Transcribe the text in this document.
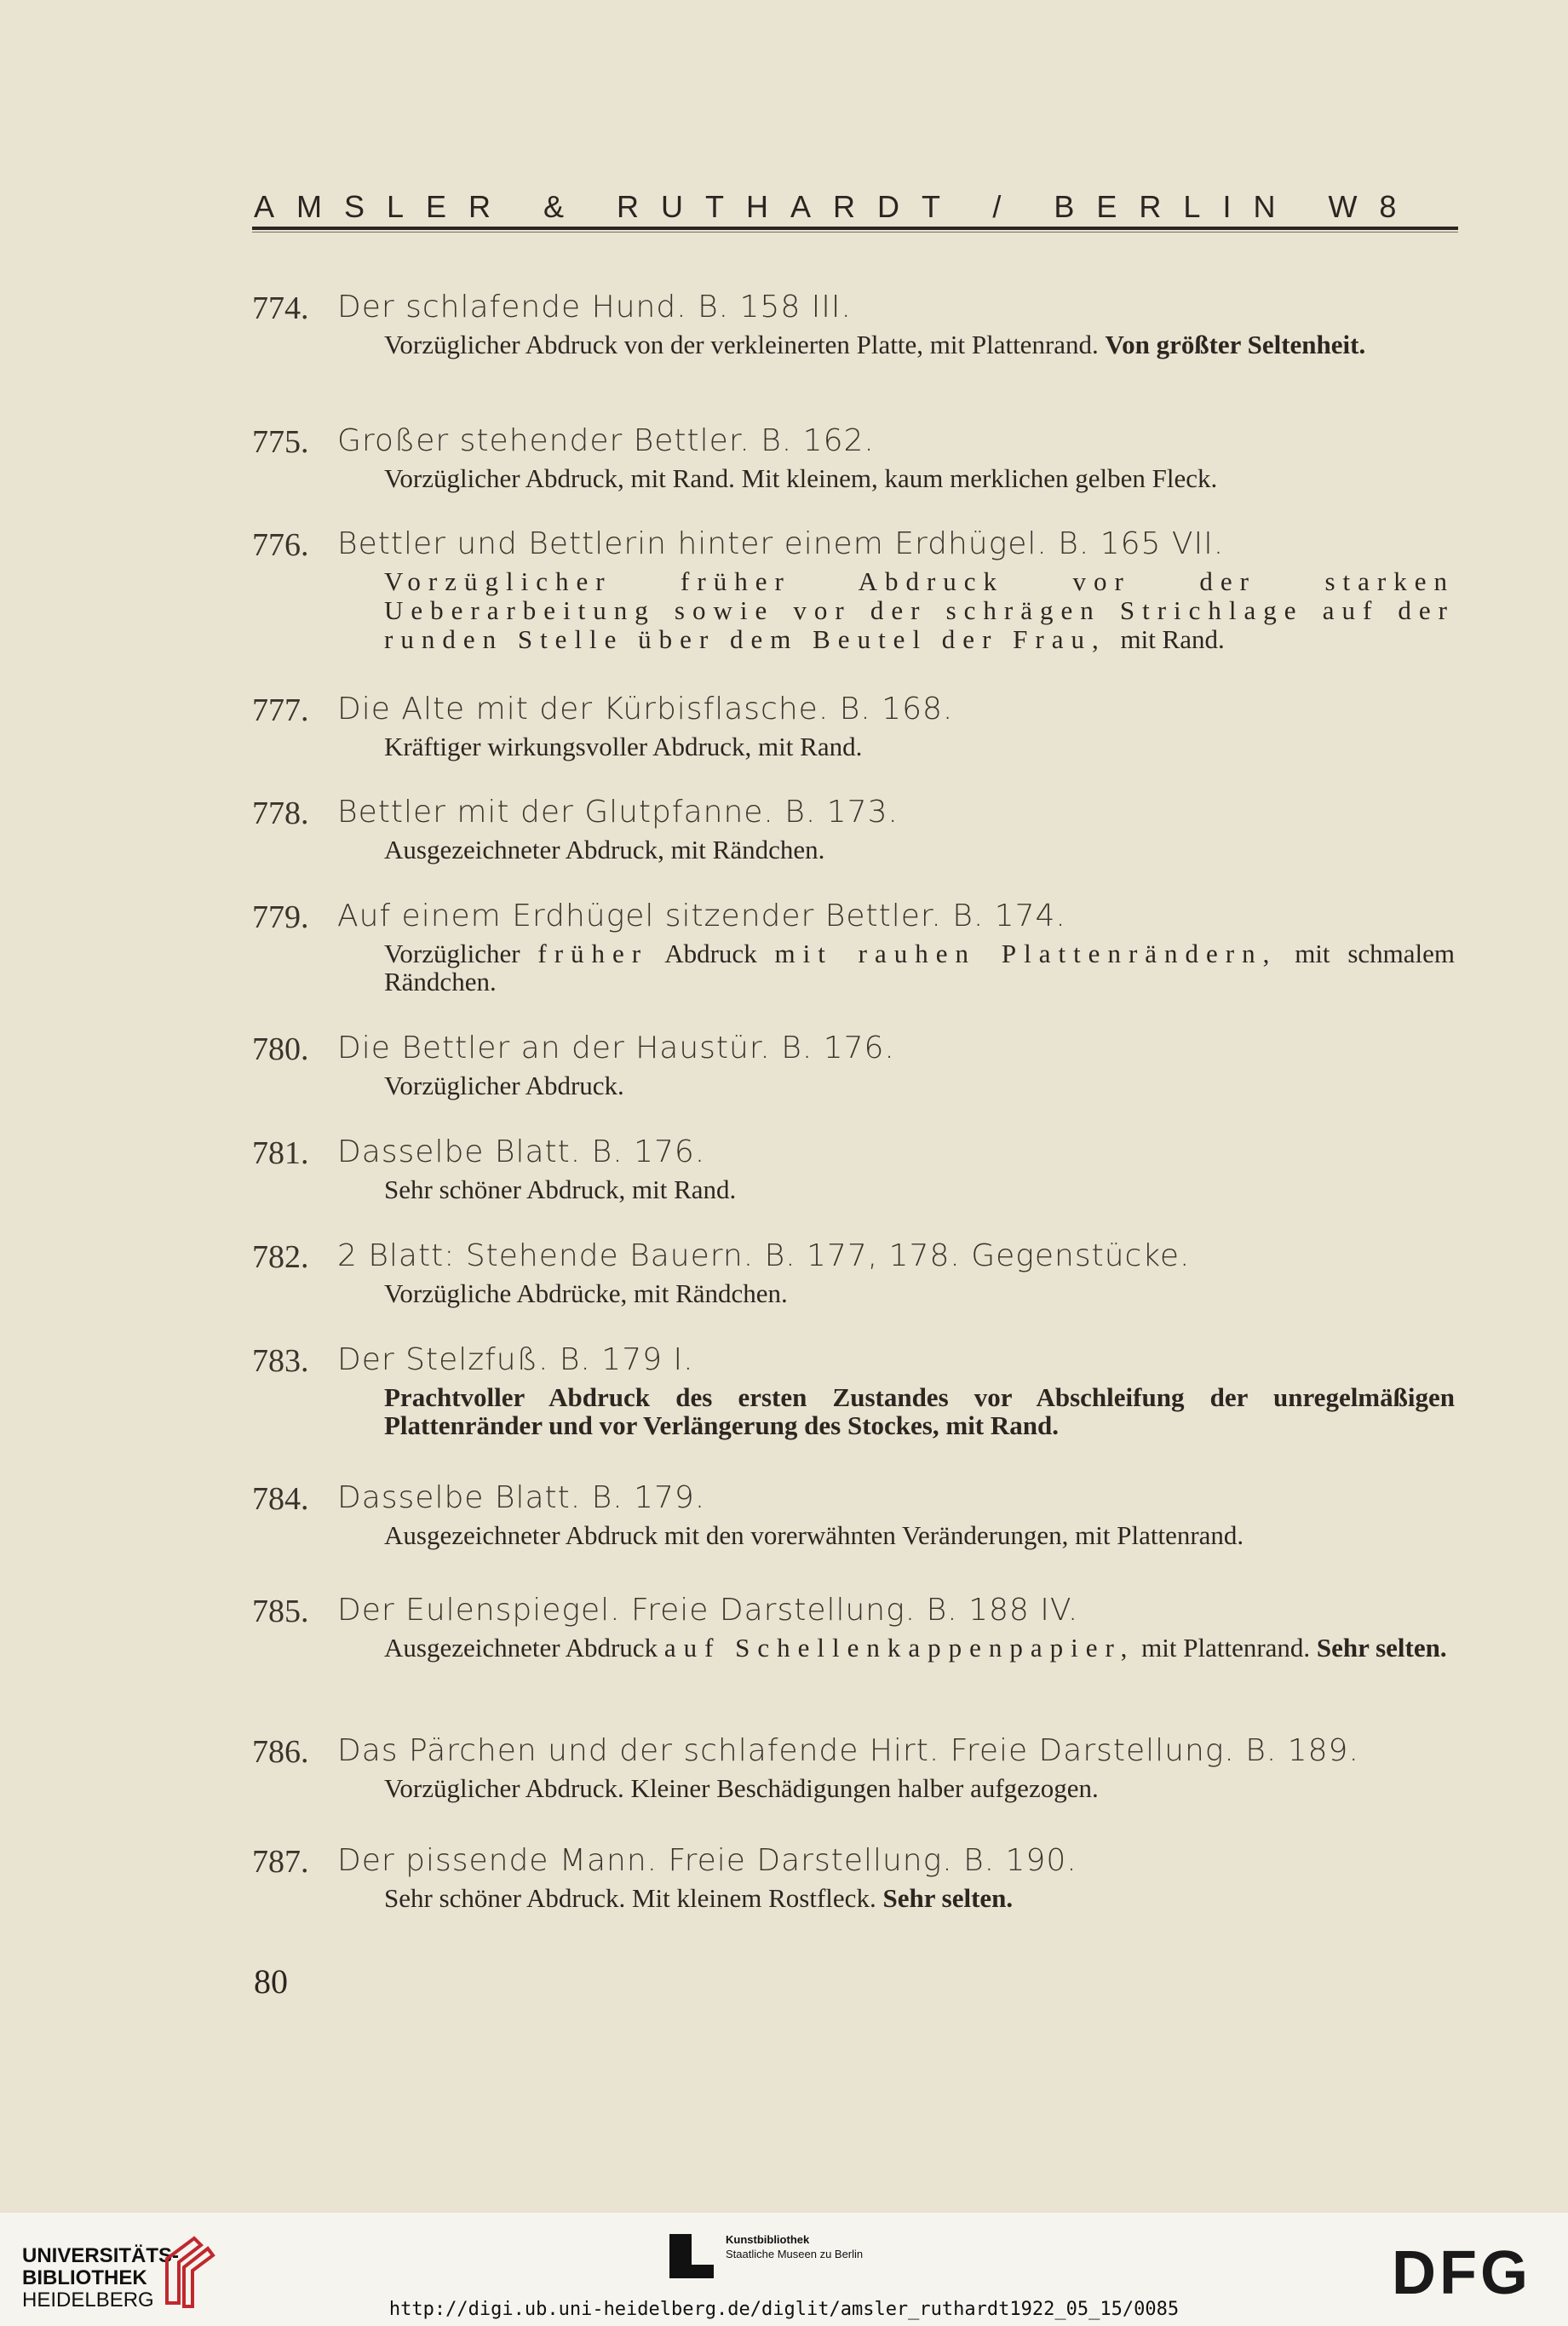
AMSLER & RUTHARDT / BERLIN W8
774. Der schlafende Hund. B. 158 III.
Vorzüglicher Abdruck von der verkleinerten Platte, mit Plattenrand. Von größter Seltenheit.
775. Großer stehender Bettler. B. 162.
Vorzüglicher Abdruck, mit Rand. Mit kleinem, kaum merklichen gelben Fleck.
776. Bettler und Bettlerin hinter einem Erdhügel. B. 165 VII.
Vorzüglicher früher Abdruck vor der starken Ueberarbeitung sowie vor der schrägen Strichlage auf der runden Stelle über dem Beutel der Frau, mit Rand.
777. Die Alte mit der Kürbisflasche. B. 168.
Kräftiger wirkungsvoller Abdruck, mit Rand.
778. Bettler mit der Glutpfanne. B. 173.
Ausgezeichneter Abdruck, mit Rändchen.
779. Auf einem Erdhügel sitzender Bettler. B. 174.
Vorzüglicher früher Abdruck mit rauhen Plattenrändern, mit schmalem Rändchen.
780. Die Bettler an der Haustür. B. 176.
Vorzüglicher Abdruck.
781. Dasselbe Blatt. B. 176.
Sehr schöner Abdruck, mit Rand.
782. 2 Blatt: Stehende Bauern. B. 177, 178. Gegenstücke.
Vorzügliche Abdrücke, mit Rändchen.
783. Der Stelzfuß. B. 179 I.
Prachtvoller Abdruck des ersten Zustandes vor Abschleifung der unregelmäßigen Plattenränder und vor Verlängerung des Stockes, mit Rand.
784. Dasselbe Blatt. B. 179.
Ausgezeichneter Abdruck mit den vorerwähnten Veränderungen, mit Plattenrand.
785. Der Eulenspiegel. Freie Darstellung. B. 188 IV.
Ausgezeichneter Abdruck auf Schellenkappenpapier, mit Plattenrand. Sehr selten.
786. Das Pärchen und der schlafende Hirt. Freie Darstellung. B. 189.
Vorzüglicher Abdruck. Kleiner Beschädigungen halber aufgezogen.
787. Der pissende Mann. Freie Darstellung. B. 190.
Sehr schöner Abdruck. Mit kleinem Rostfleck. Sehr selten.
80
UNIVERSITÄTS-
BIBLIOTHEK
HEIDELBERG
Kunstbibliothek
Staatliche Museen zu Berlin	DFG
http://digi.ub.uni-heidelberg.de/diglit/amsler_ruthardt1922_05_15/0085
